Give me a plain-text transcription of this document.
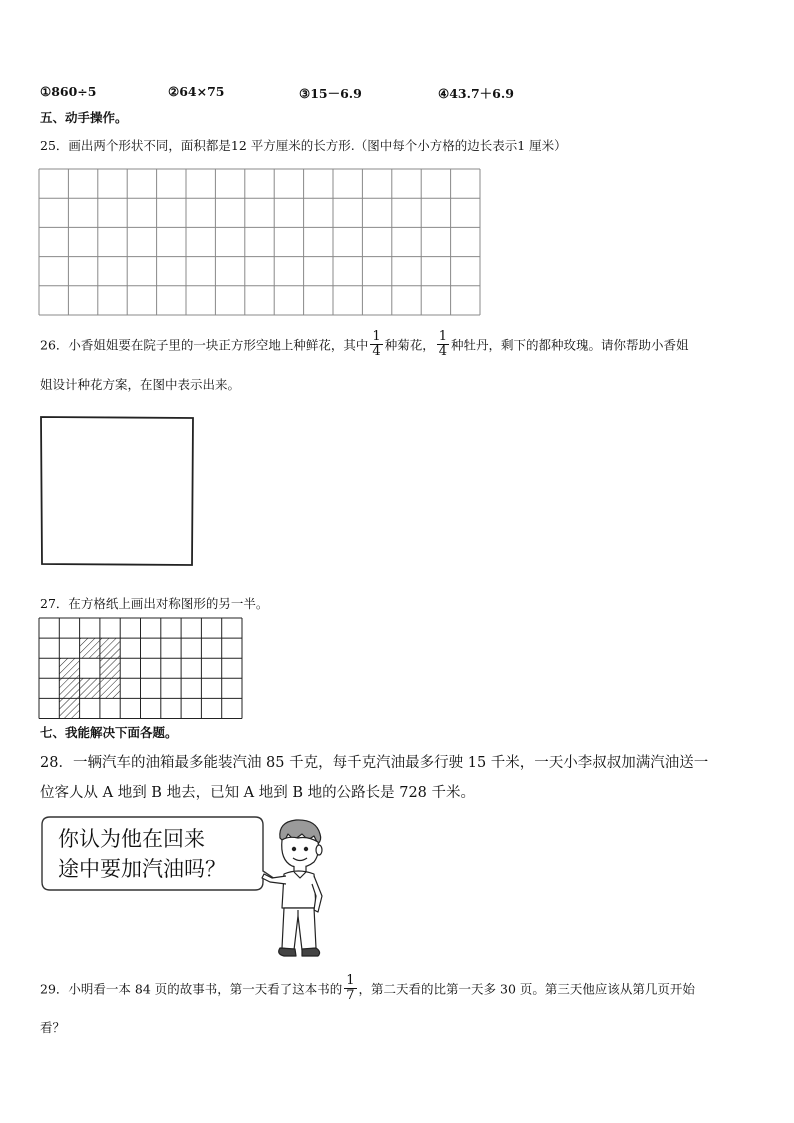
①860÷5	②64×75	③15－6.9	④43.7＋6.9
五、动手操作。
25．画出两个形状不同，面积都是12 平方厘米的长方形.（图中每个小方格的边长表示1 厘米）
26．小香姐姐要在院子里的一块正方形空地上种鲜花，其中 $\frac{1}{4}$ 种菊花， $\frac{1}{4}$ 种牡丹，剩下的都种玫瑰。请你帮助小香姐
姐设计种花方案，在图中表示出来。
27．在方格纸上画出对称图形的另一半。
七、我能解决下面各题。
28．一辆汽车的油箱最多能装汽油 85 千克，每千克汽油最多行驶 15 千米，一天小李叔叔加满汽油送一
位客人从 A 地到 B 地去，已知 A 地到 B 地的公路长是 728 千米。
你认为他在回来
途中要加汽油吗？
29．小明看一本 84 页的故事书，第一天看了这本书的 $\frac{1}{7}$ ，第二天看的比第一天多 30 页。第三天他应该从第几页开始
看？
